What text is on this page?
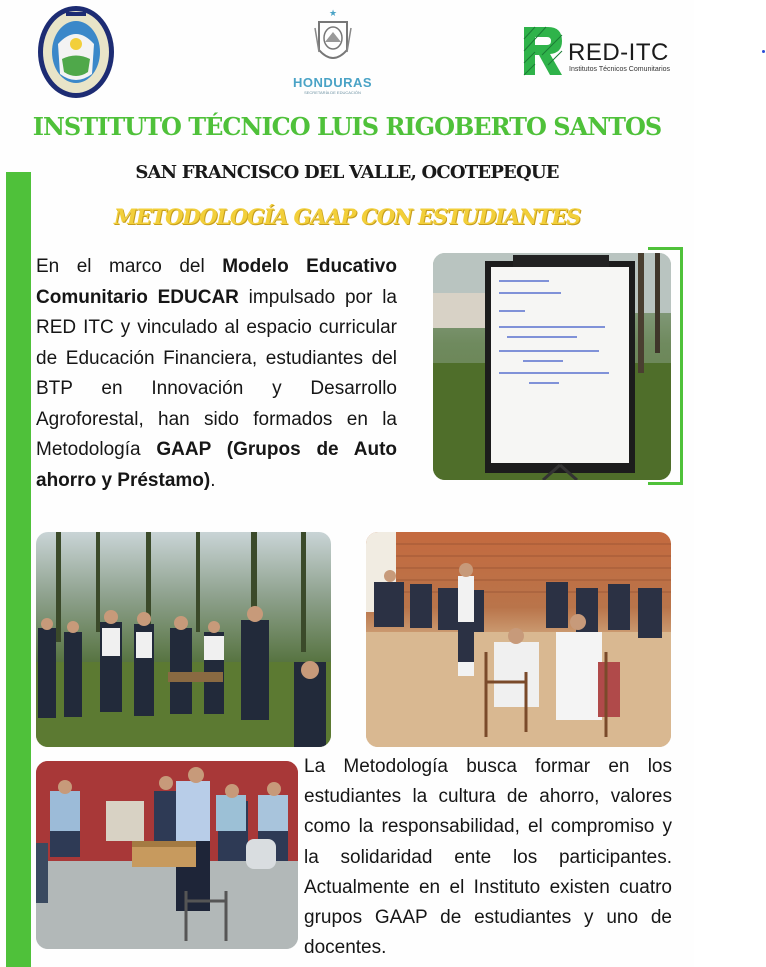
★
HONDURAS
SECRETARÍA DE EDUCACIÓN
RED-ITC
Institutos Técnicos Comunitarios
INSTITUTO TÉCNICO LUIS RIGOBERTO SANTOS
SAN FRANCISCO DEL VALLE, OCOTEPEQUE
METODOLOGÍA GAAP CON ESTUDIANTES
En el marco del Modelo Educativo Comunitario EDUCAR impulsado por la RED ITC y vinculado al espacio curricular de Educación Financiera, estudiantes del BTP en Innovación y Desarrollo Agroforestal, han sido formados en la Metodología GAAP (Grupos de Auto ahorro y Préstamo).
La Metodología busca formar en los estudiantes la cultura de ahorro, valores como la responsabilidad, el compromiso y la solidaridad ente los participantes. Actualmente en el Instituto existen cuatro grupos GAAP de estudiantes y uno de docentes.
